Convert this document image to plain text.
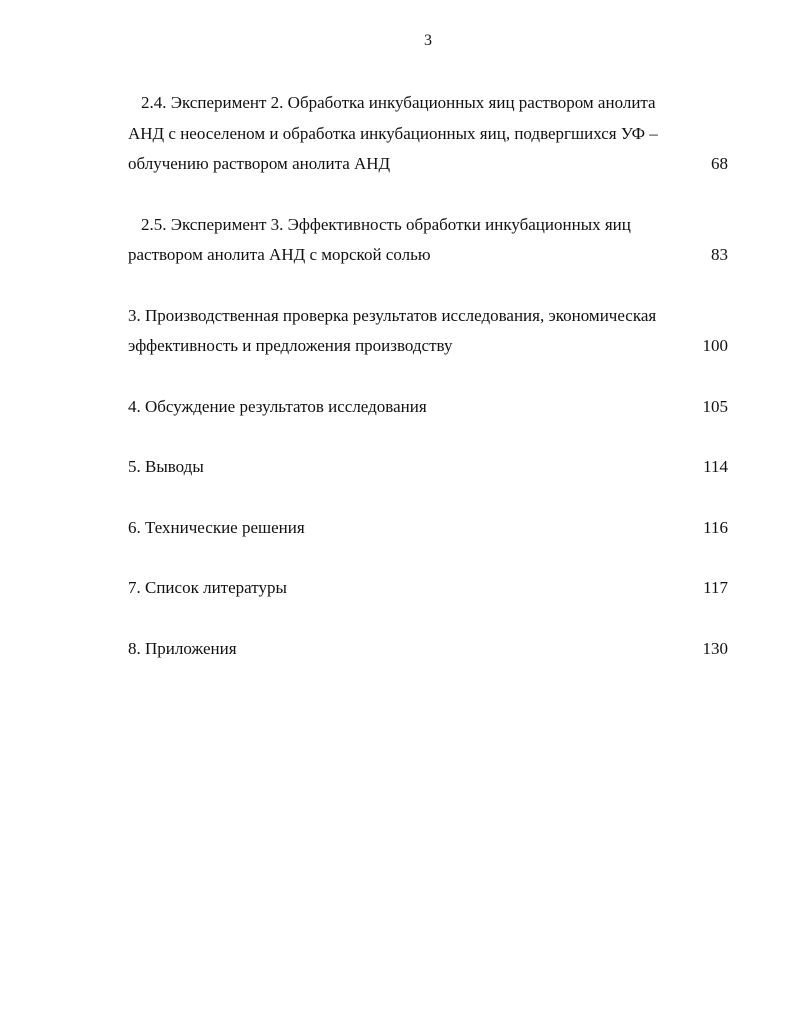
3
2.4. Эксперимент 2. Обработка инкубационных яиц раствором анолита
АНД с неоселеном и обработка инкубационных яиц, подвергшихся УФ –
облучению раствором анолита АНД	68
2.5. Эксперимент 3. Эффективность обработки инкубационных яиц
раствором анолита АНД с морской солью	83
3. Производственная проверка результатов исследования, экономическая
эффективность и предложения производству	100
4. Обсуждение результатов исследования	105
5. Выводы	114
6. Технические решения	116
7. Список литературы	117
8. Приложения	130
